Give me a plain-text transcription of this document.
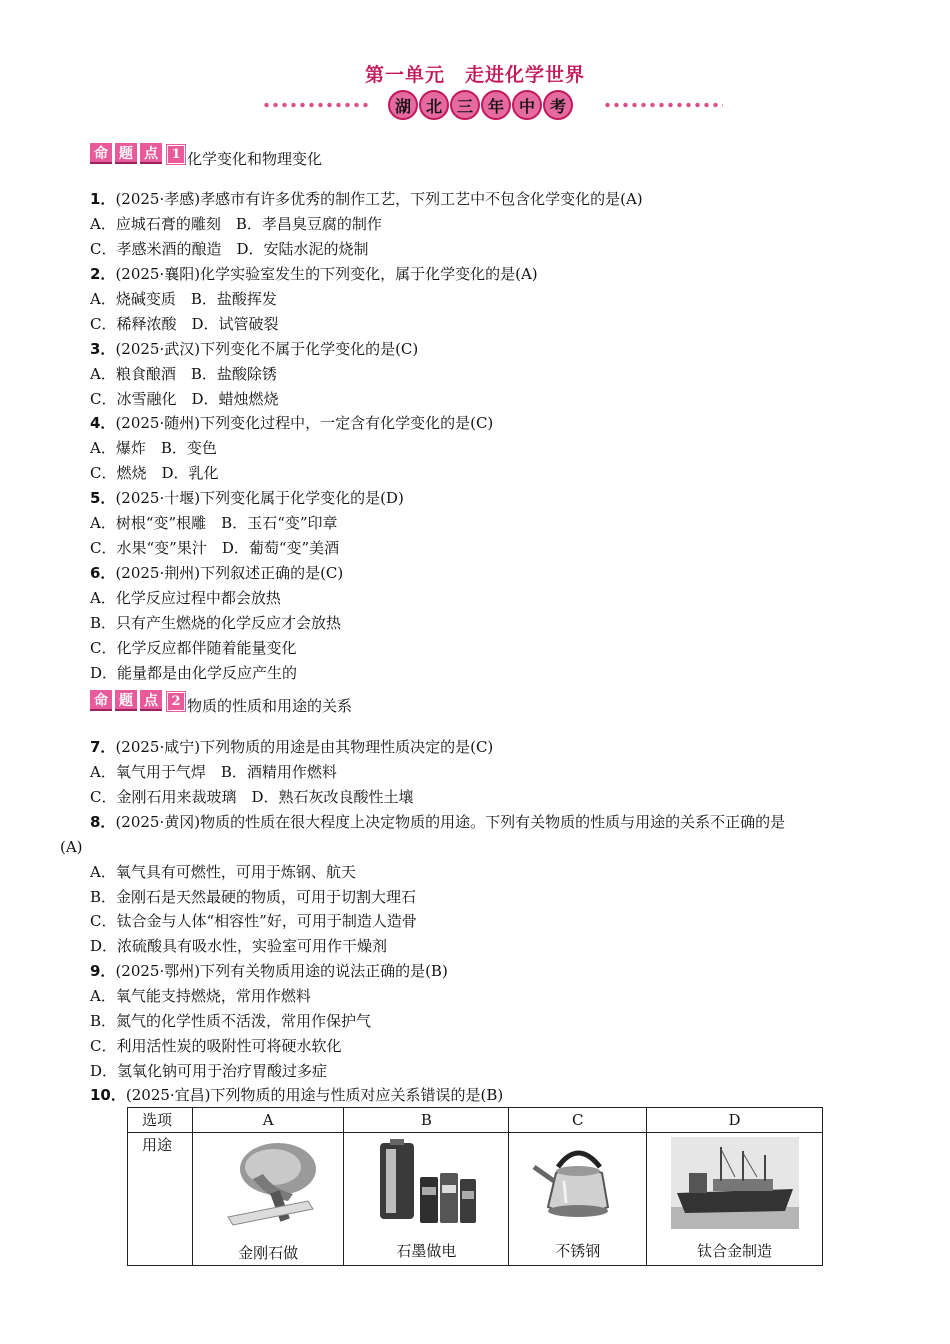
第一单元　走进化学世界
湖 北 三 年 中 考
命 题 点	1 化学变化和物理变化
1．(2025·孝感)孝感市有许多优秀的制作工艺，下列工艺中不包含化学变化的是(A)
A．应城石膏的雕刻　B．孝昌臭豆腐的制作
C．孝感米酒的酿造　D．安陆水泥的烧制
2．(2025·襄阳)化学实验室发生的下列变化，属于化学变化的是(A)
A．烧碱变质　B．盐酸挥发
C．稀释浓酸　D．试管破裂
3．(2025·武汉)下列变化不属于化学变化的是(C)
A．粮食酿酒　B．盐酸除锈
C．冰雪融化　D．蜡烛燃烧
4．(2025·随州)下列变化过程中，一定含有化学变化的是(C)
A．爆炸　B．变色
C．燃烧　D．乳化
5．(2025·十堰)下列变化属于化学变化的是(D)
A．树根“变”根雕　B．玉石“变”印章
C．水果“变”果汁　D．葡萄“变”美酒
6．(2025·荆州)下列叙述正确的是(C)
A．化学反应过程中都会放热
B．只有产生燃烧的化学反应才会放热
C．化学反应都伴随着能量变化
D．能量都是由化学反应产生的
命 题 点	2 物质的性质和用途的关系
7．(2025·咸宁)下列物质的用途是由其物理性质决定的是(C)
A．氧气用于气焊　B．酒精用作燃料
C．金刚石用来裁玻璃　D．熟石灰改良酸性土壤
8．(2025·黄冈)物质的性质在很大程度上决定物质的用途。下列有关物质的性质与用途的关系不正确的是
(A)
A．氧气具有可燃性，可用于炼钢、航天
B．金刚石是天然最硬的物质，可用于切割大理石
C．钛合金与人体“相容性”好，可用于制造人造骨
D．浓硫酸具有吸水性，实验室可用作干燥剂
9．(2025·鄂州)下列有关物质用途的说法正确的是(B)
A．氧气能支持燃烧，常用作燃料
B．氮气的化学性质不活泼，常用作保护气
C．利用活性炭的吸附性可将硬水软化
D．氢氧化钠可用于治疗胃酸过多症
10．(2025·宜昌)下列物质的用途与性质对应关系错误的是(B)
选项	A	B	C	D

用途	金刚石做	石墨做电	不锈钢	钛合金制造
